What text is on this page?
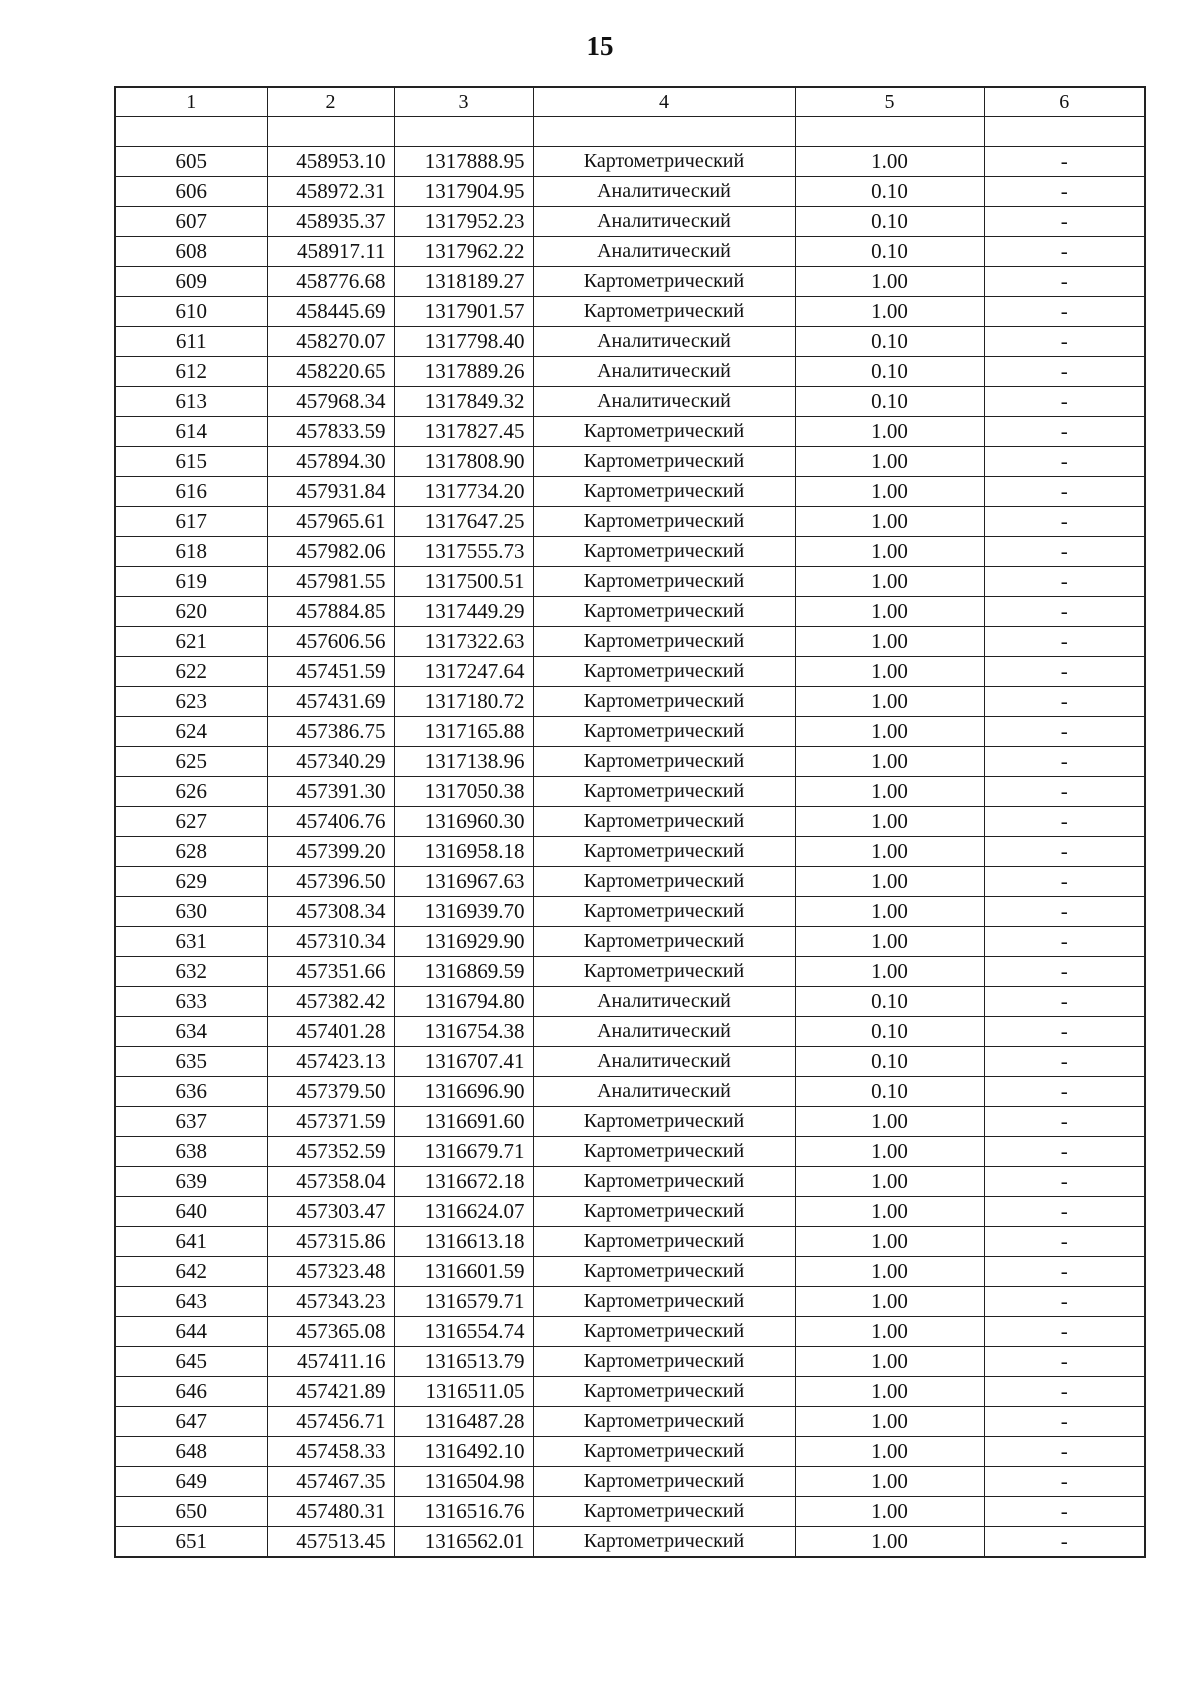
15
1	2	3	4	5	6

605	458953.10	1317888.95	Картометрический	1.00	-
606	458972.31	1317904.95	Аналитический	0.10	-
607	458935.37	1317952.23	Аналитический	0.10	-
608	458917.11	1317962.22	Аналитический	0.10	-
609	458776.68	1318189.27	Картометрический	1.00	-
610	458445.69	1317901.57	Картометрический	1.00	-
611	458270.07	1317798.40	Аналитический	0.10	-
612	458220.65	1317889.26	Аналитический	0.10	-
613	457968.34	1317849.32	Аналитический	0.10	-
614	457833.59	1317827.45	Картометрический	1.00	-
615	457894.30	1317808.90	Картометрический	1.00	-
616	457931.84	1317734.20	Картометрический	1.00	-
617	457965.61	1317647.25	Картометрический	1.00	-
618	457982.06	1317555.73	Картометрический	1.00	-
619	457981.55	1317500.51	Картометрический	1.00	-
620	457884.85	1317449.29	Картометрический	1.00	-
621	457606.56	1317322.63	Картометрический	1.00	-
622	457451.59	1317247.64	Картометрический	1.00	-
623	457431.69	1317180.72	Картометрический	1.00	-
624	457386.75	1317165.88	Картометрический	1.00	-
625	457340.29	1317138.96	Картометрический	1.00	-
626	457391.30	1317050.38	Картометрический	1.00	-
627	457406.76	1316960.30	Картометрический	1.00	-
628	457399.20	1316958.18	Картометрический	1.00	-
629	457396.50	1316967.63	Картометрический	1.00	-
630	457308.34	1316939.70	Картометрический	1.00	-
631	457310.34	1316929.90	Картометрический	1.00	-
632	457351.66	1316869.59	Картометрический	1.00	-
633	457382.42	1316794.80	Аналитический	0.10	-
634	457401.28	1316754.38	Аналитический	0.10	-
635	457423.13	1316707.41	Аналитический	0.10	-
636	457379.50	1316696.90	Аналитический	0.10	-
637	457371.59	1316691.60	Картометрический	1.00	-
638	457352.59	1316679.71	Картометрический	1.00	-
639	457358.04	1316672.18	Картометрический	1.00	-
640	457303.47	1316624.07	Картометрический	1.00	-
641	457315.86	1316613.18	Картометрический	1.00	-
642	457323.48	1316601.59	Картометрический	1.00	-
643	457343.23	1316579.71	Картометрический	1.00	-
644	457365.08	1316554.74	Картометрический	1.00	-
645	457411.16	1316513.79	Картометрический	1.00	-
646	457421.89	1316511.05	Картометрический	1.00	-
647	457456.71	1316487.28	Картометрический	1.00	-
648	457458.33	1316492.10	Картометрический	1.00	-
649	457467.35	1316504.98	Картометрический	1.00	-
650	457480.31	1316516.76	Картометрический	1.00	-
651	457513.45	1316562.01	Картометрический	1.00	-
